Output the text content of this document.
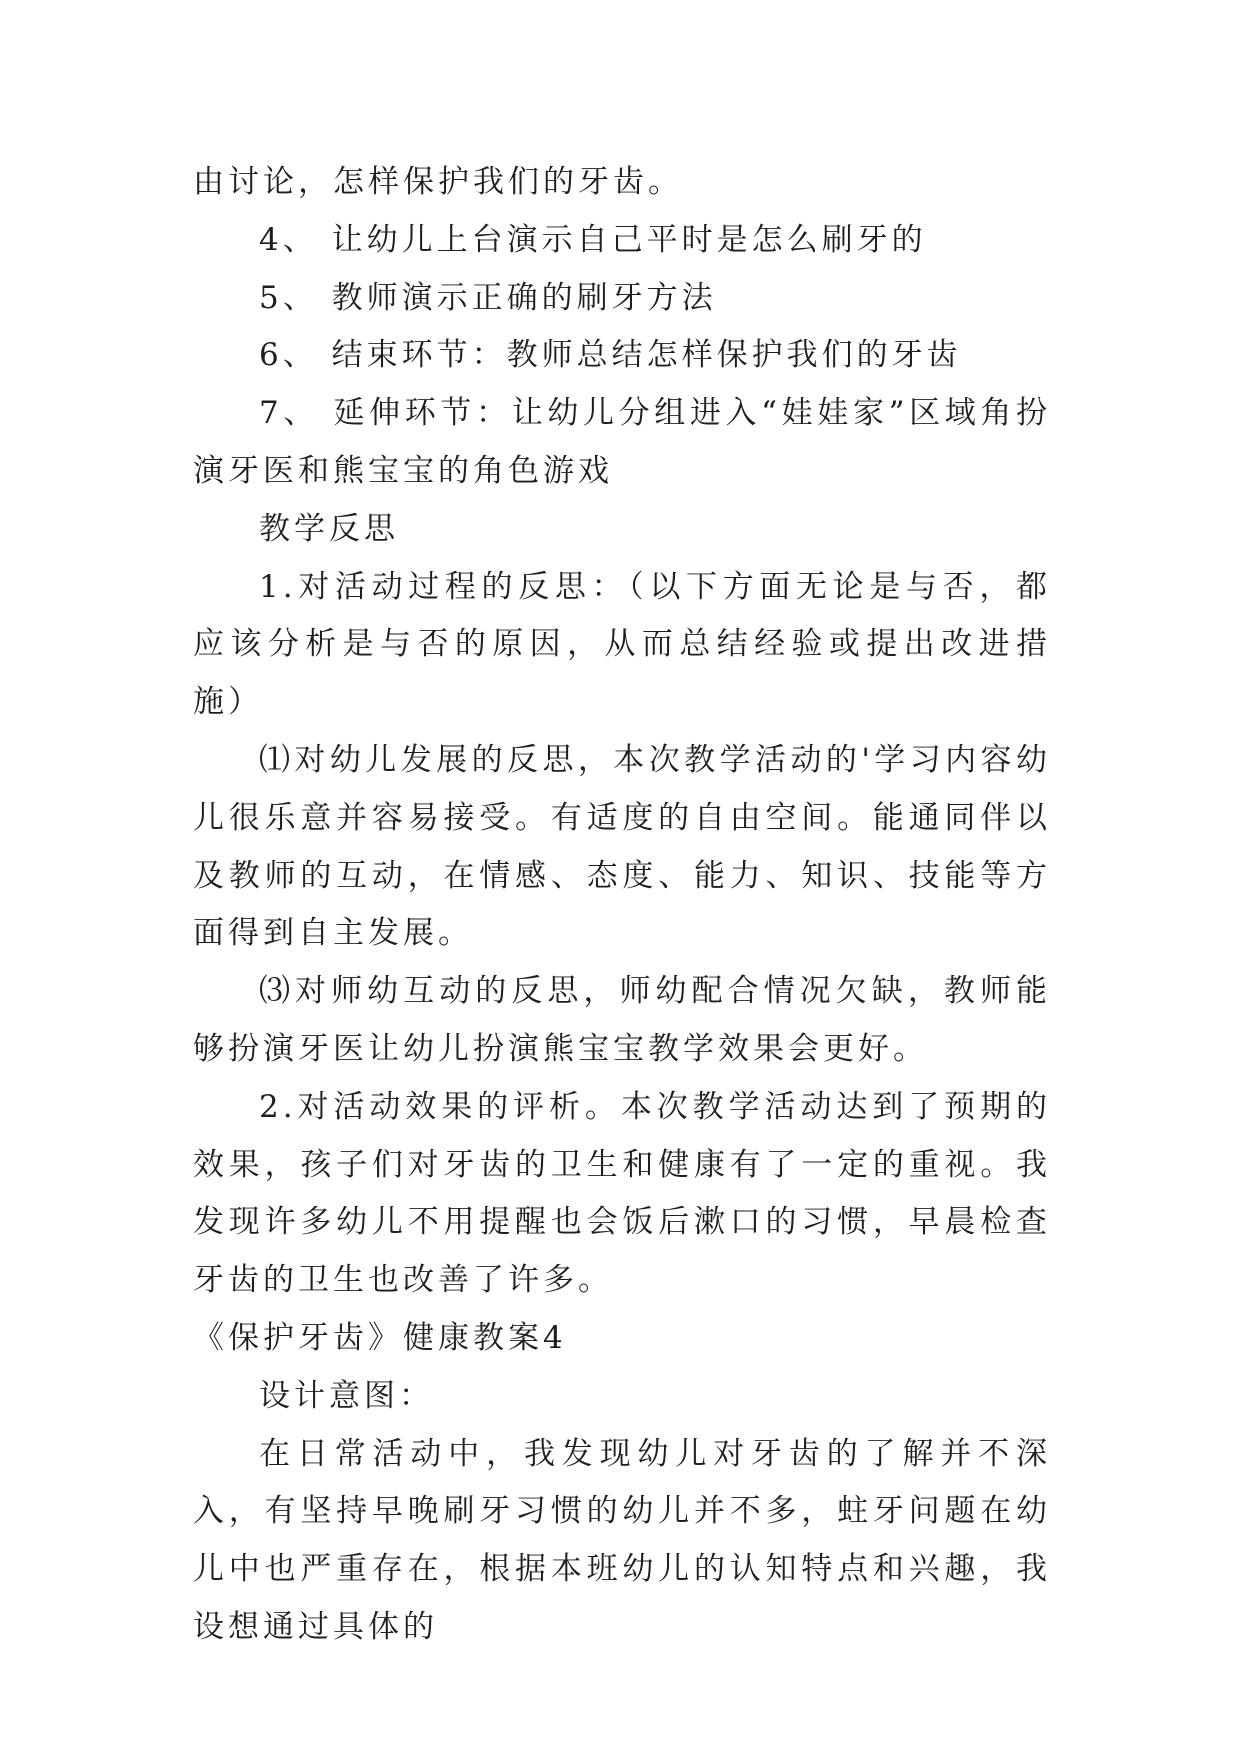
由讨论，怎样保护我们的牙齿。

4、 让幼儿上台演示自己平时是怎么刷牙的

5、 教师演示正确的刷牙方法

6、 结束环节：教师总结怎样保护我们的牙齿

7、 延伸环节：让幼儿分组进入“娃娃家”区域角扮演牙医和熊宝宝的角色游戏

教学反思

1.对活动过程的反思：（以下方面无论是与否，都应该分析是与否的原因，从而总结经验或提出改进措施）

⑴对幼儿发展的反思，本次教学活动的'学习内容幼儿很乐意并容易接受。有适度的自由空间。能通同伴以及教师的互动，在情感、态度、能力、知识、技能等方面得到自主发展。

⑶对师幼互动的反思，师幼配合情况欠缺，教师能够扮演牙医让幼儿扮演熊宝宝教学效果会更好。

2.对活动效果的评析。本次教学活动达到了预期的效果，孩子们对牙齿的卫生和健康有了一定的重视。我发现许多幼儿不用提醒也会饭后漱口的习惯，早晨检查牙齿的卫生也改善了许多。

《保护牙齿》健康教案4

设计意图：

在日常活动中，我发现幼儿对牙齿的了解并不深入，有坚持早晚刷牙习惯的幼儿并不多，蛀牙问题在幼儿中也严重存在，根据本班幼儿的认知特点和兴趣，我设想通过具体的
